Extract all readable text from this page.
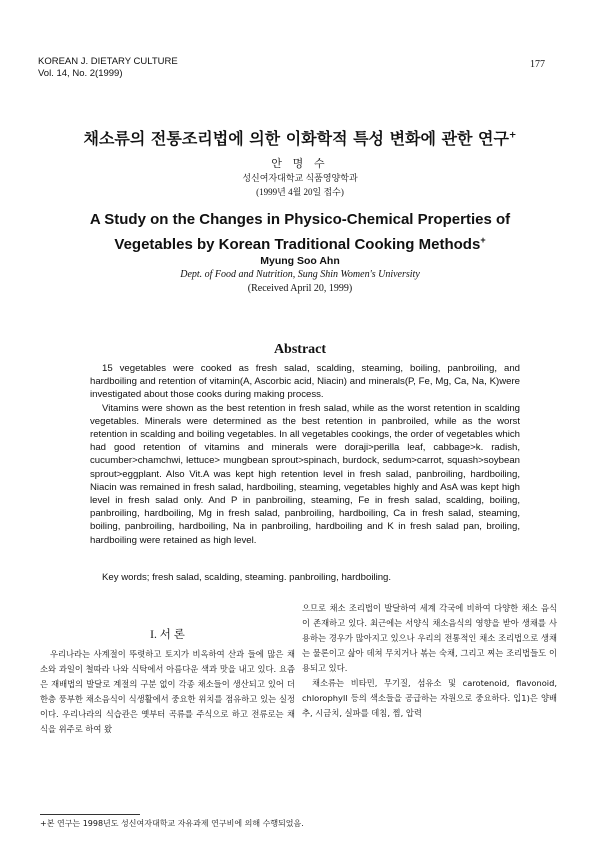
KOREAN J. DIETARY CULTURE
Vol. 14, No. 2(1999)
177
채소류의 전통조리법에 의한 이화학적 특성 변화에 관한 연구+
안 명 수
성신여자대학교 식품영양학과
(1999년 4월 20일 접수)
A Study on the Changes in Physico-Chemical Properties of
Vegetables by Korean Traditional Cooking Methods+
Myung Soo Ahn
Dept. of Food and Nutrition, Sung Shin Women's University
(Received April 20, 1999)
Abstract

15 vegetables were cooked as fresh salad, scalding, steaming, boiling, panbroiling, and hardboiling and retention of vitamin(A, Ascorbic acid, Niacin) and minerals(P, Fe, Mg, Ca, Na, K)were investigated about those cooks during making process.

Vitamins were shown as the best retention in fresh salad, while as the worst retention in scalding vegetables. Minerals were determined as the best retention in panbroiled, while as the worst retention in scalding and boiling vegetables. In all vegetables cookings, the order of vegetables which had good retention of vitamins and minerals were doraji>perilla leaf, cabbage>k. radish, cucumber>chamchwi, lettuce> mungbean sprout>spinach, burdock, sedum>carrot, squash>soybean sprout>eggplant. Also Vit.A was kept high retention level in fresh salad, panbroiling, hardboiling, Niacin was remained in fresh salad, hardboiling, steaming, vegetables highly and AsA was kept high level in fresh salad only. And P in panbroiling, steaming, Fe in fresh salad, scalding, boiling, panbroiling, hardboiling, Mg in fresh salad, panbroiling, hardboiling, Ca in fresh salad, steaming, boiling, panbroiling, hardboiling, Na in panbroiling, hardboiling and K in fresh salad pan, broiling, hardboiling were retained as high level.

Key words; fresh salad, scalding, steaming. panbroiling, hardboiling.
I. 서 론

우리나라는 사계절이 뚜렷하고 토지가 비옥하여 산과 들에 많은 채소와 과일이 철따라 나와 식탁에서 아름다운 색과 맛을 내고 있다. 요즘은 재배법의 발달로 계절의 구분 없이 각종 채소들이 생산되고 있어 더 한층 풍부한 채소음식이 식생활에서 중요한 위치를 점유하고 있는 실정이다. 우리나라의 식습관은 옛부터 곡류를 주식으로 하고 전류로는 채식을 위주로 하여 왔

으므로 채소 조리법이 발달하여 세계 각국에 비하여 다양한 채소 음식이 존재하고 있다. 최근에는 서양식 채소음식의 영향을 받아 생채를 사용하는 경우가 많아지고 있으나 우리의 전통적인 채소 조리법으로 생채는 물론이고 삶아 데쳐 무치거나 볶는 숙채, 그리고 찌는 조리법들도 이용되고 있다.

채소류는 비타민, 무기질, 섬유소 및 carotenoid, flavonoid, chlorophyll 등의 색소들을 공급하는 자원으로 중요하다. 입1)은 양배추, 시금치, 실파를 데침, 찜, 압력

+본 연구는 1998년도 성신여자대학교 자유과제 연구비에 의해 수행되었음.
